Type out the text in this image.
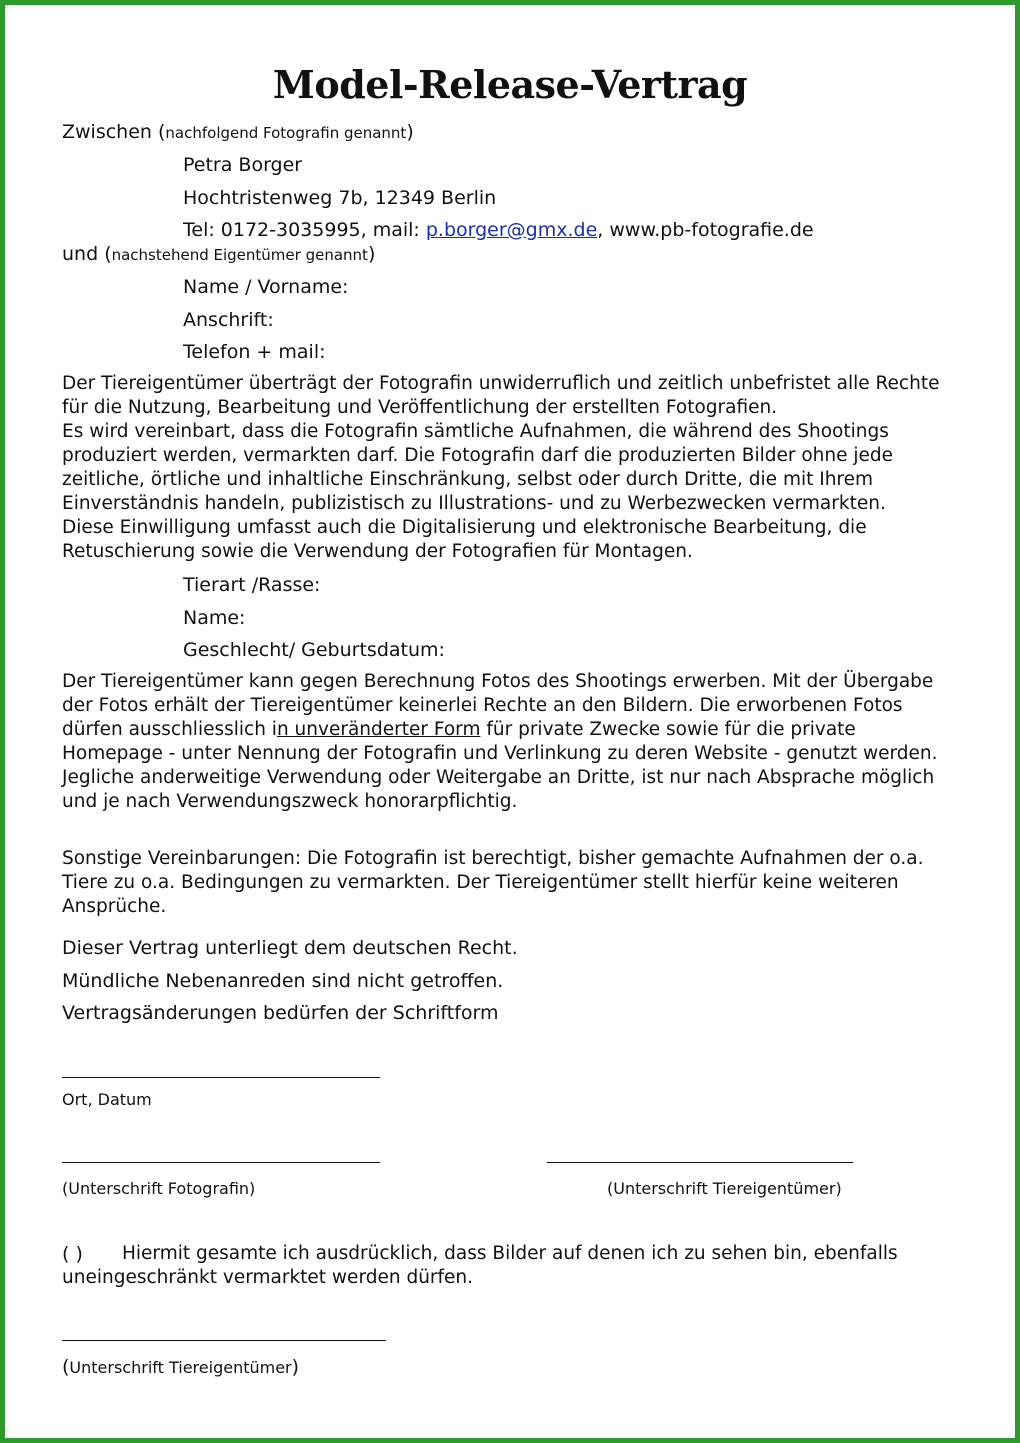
Model-Release-Vertrag
Zwischen (nachfolgend Fotografin genannt)
Petra Borger
Hochtristenweg 7b, 12349 Berlin
Tel: 0172-3035995, mail: p.borger@gmx.de, www.pb-fotografie.de
und (nachstehend Eigentümer genannt)
Name / Vorname:
Anschrift:
Telefon + mail:
Der Tiereigentümer überträgt der Fotografin unwiderruflich und zeitlich unbefristet alle Rechte für die Nutzung, Bearbeitung und Veröffentlichung der erstellten Fotografien.
Es wird vereinbart, dass die Fotografin sämtliche Aufnahmen, die während des Shootings produziert werden, vermarkten darf. Die Fotografin darf die produzierten Bilder ohne jede zeitliche, örtliche und inhaltliche Einschränkung, selbst oder durch Dritte, die mit Ihrem Einverständnis handeln, publizistisch zu Illustrations- und zu Werbezwecken vermarkten.
Diese Einwilligung umfasst auch die Digitalisierung und elektronische Bearbeitung, die Retuschierung sowie die Verwendung der Fotografien für Montagen.
Tierart /Rasse:
Name:
Geschlecht/ Geburtsdatum:
Der Tiereigentümer kann gegen Berechnung Fotos des Shootings erwerben. Mit der Übergabe der Fotos erhält der Tiereigentümer keinerlei Rechte an den Bildern. Die erworbenen Fotos dürfen ausschliesslich in unveränderter Form für private Zwecke sowie für die private Homepage - unter Nennung der Fotografin und Verlinkung zu deren Website - genutzt werden. Jegliche anderweitige Verwendung oder Weitergabe an Dritte, ist nur nach Absprache möglich und je nach Verwendungszweck honorarpflichtig.
Sonstige Vereinbarungen: Die Fotografin ist berechtigt, bisher gemachte Aufnahmen der o.a. Tiere zu o.a. Bedingungen zu vermarkten. Der Tiereigentümer stellt hierfür keine weiteren Ansprüche.
Dieser Vertrag unterliegt dem deutschen Recht.
Mündliche Nebenanreden sind nicht getroffen.
Vertragsänderungen bedürfen der Schriftform
Ort, Datum
(Unterschrift Fotografin)	(Unterschrift Tiereigentümer)
( )	Hiermit gesamte ich ausdrücklich, dass Bilder auf denen ich zu sehen bin, ebenfalls uneingeschränkt vermarktet werden dürfen.
(Unterschrift Tiereigentümer)
